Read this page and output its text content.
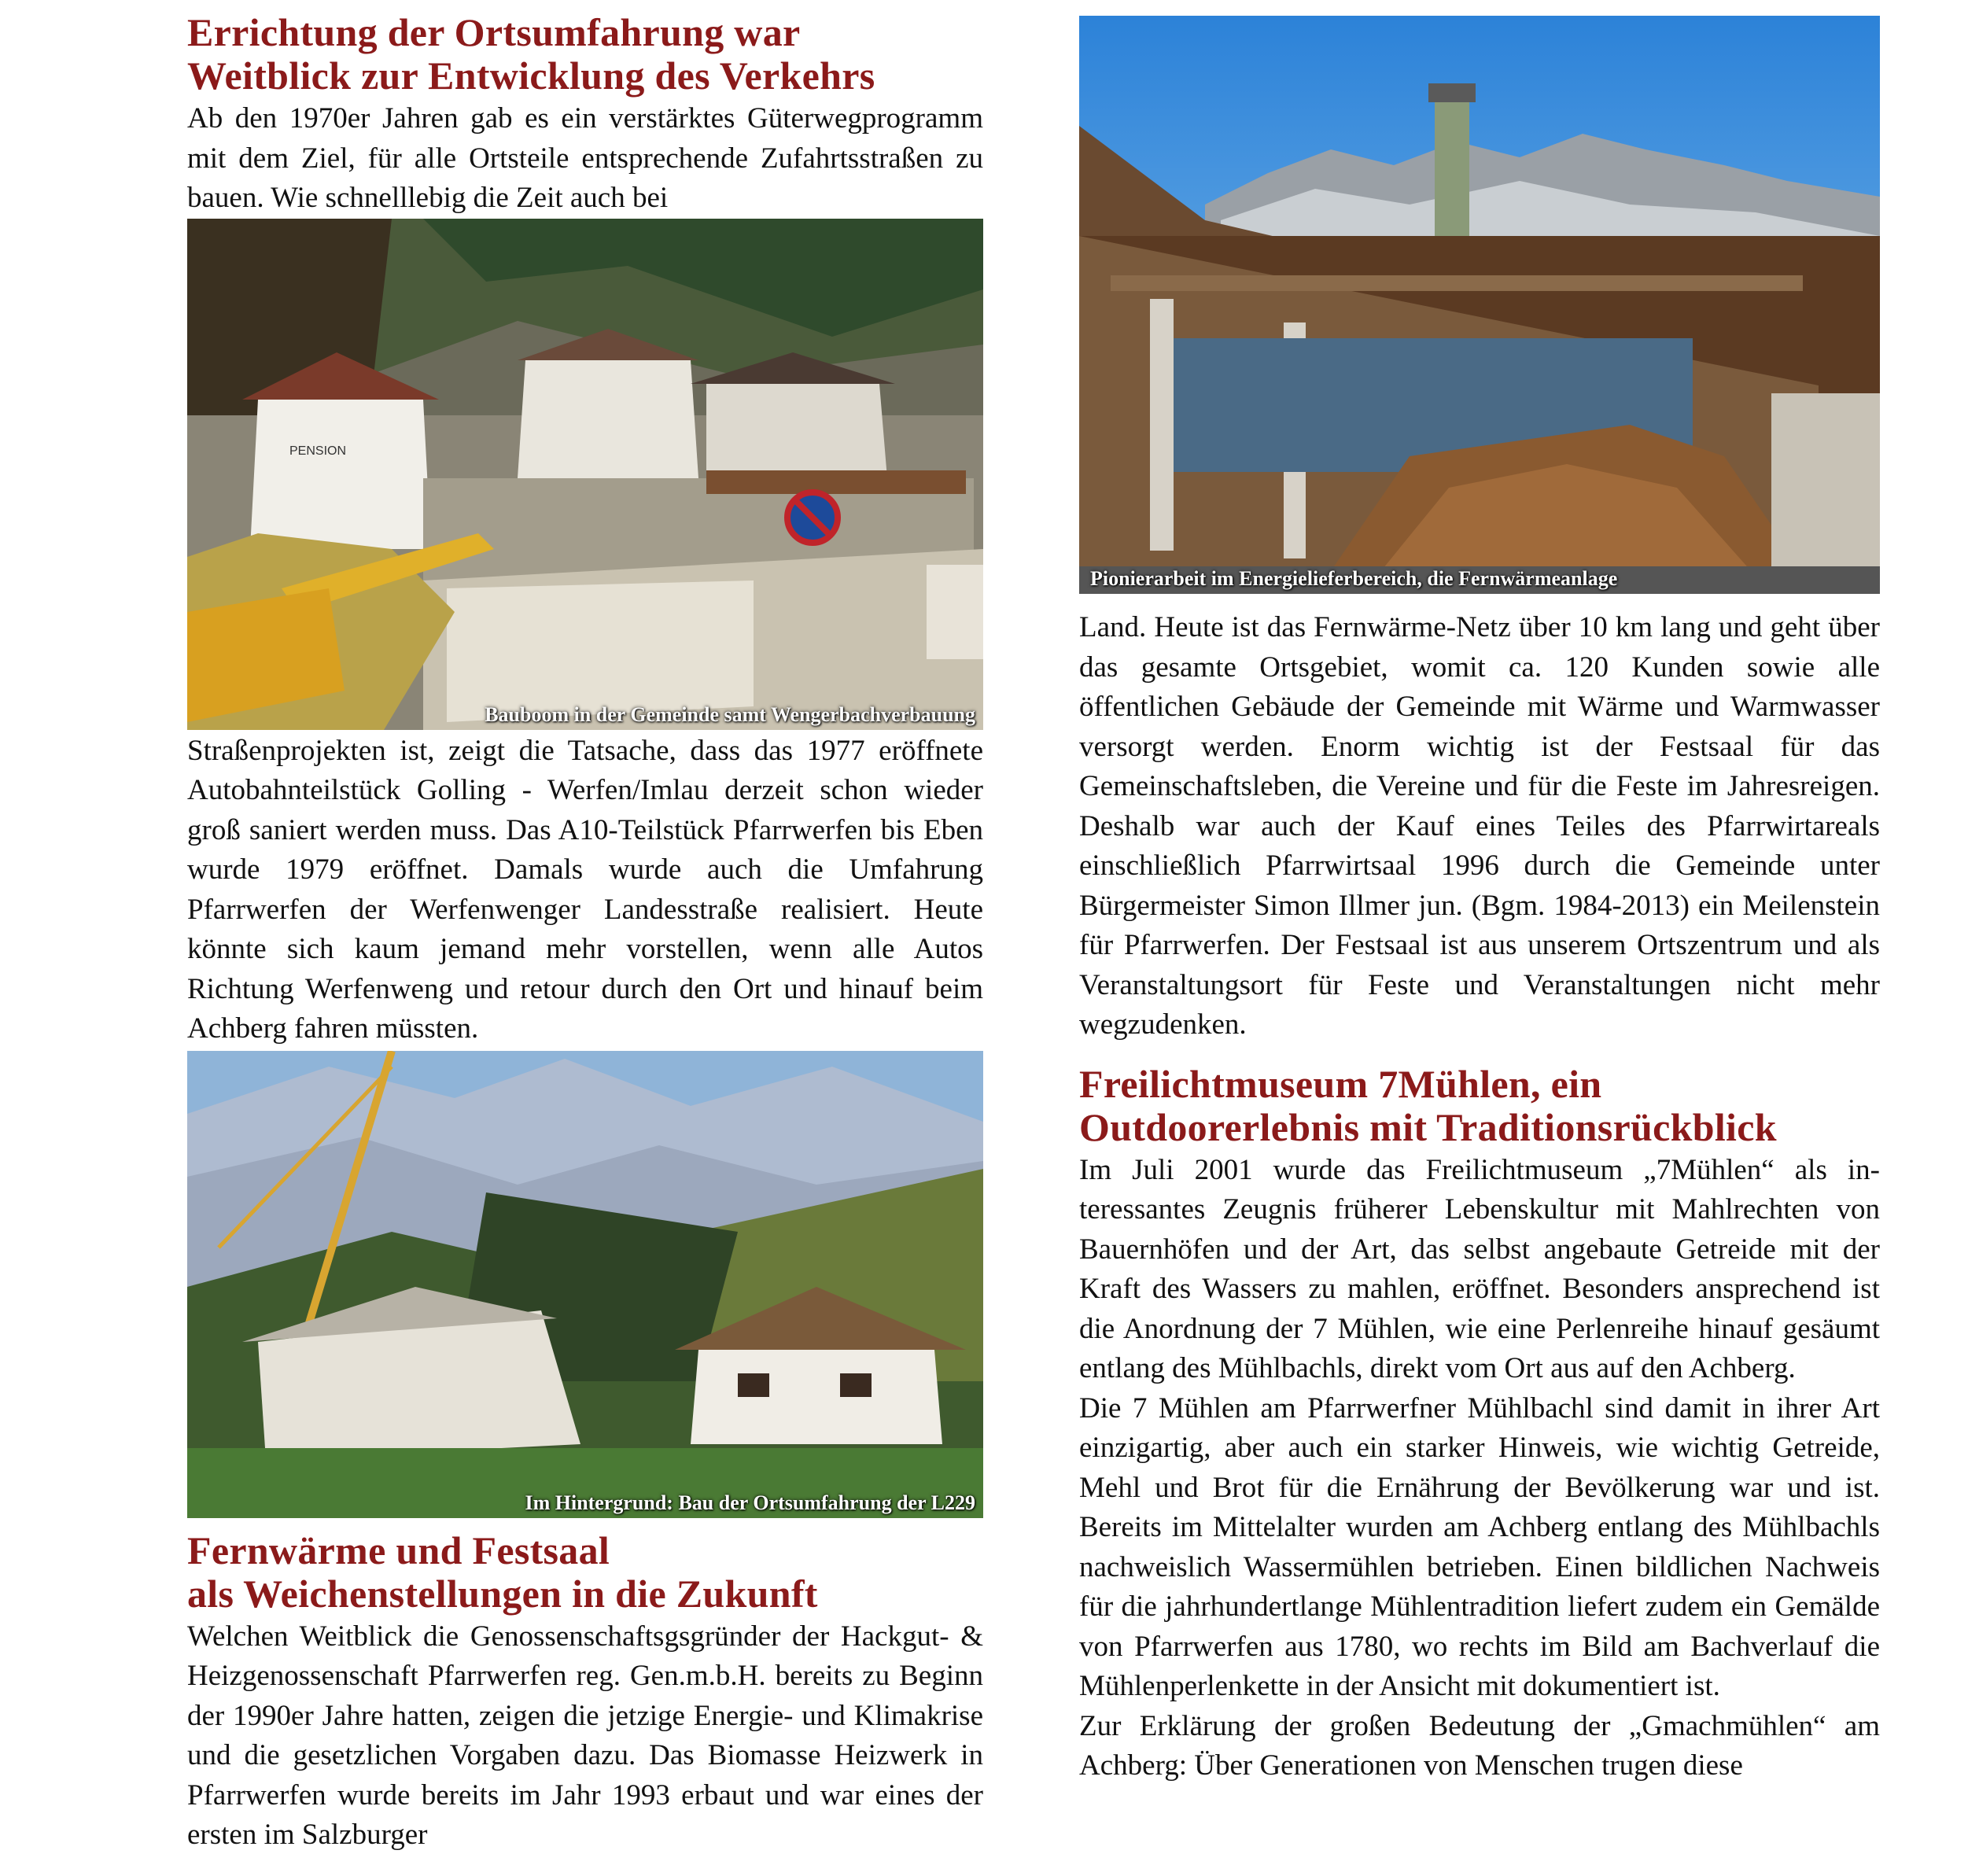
Errichtung der Ortsumfahrung war
Weitblick zur Entwicklung des Verkehrs

Ab den 1970er Jahren gab es ein verstärktes Güterwegprogramm mit dem Ziel, für alle Ortsteile entsprechende Zufahrtsstraßen zu bauen. Wie schnelllebig die Zeit auch bei

PENSION
Bauboom in der Gemeinde samt Wengerbachverbauung

Straßenprojekten ist, zeigt die Tatsache, dass das 1977 eröffnete Autobahnteilstück Golling - Werfen/Imlau derzeit schon wieder groß saniert werden muss. Das A10-Teilstück Pfarrwerfen bis Eben wurde 1979 eröffnet. Damals wurde auch die Umfahrung Pfarrwerfen der Werfenwenger Landesstraße realisiert. Heute könnte sich kaum jemand mehr vorstellen, wenn alle Autos Richtung Werfenweng und retour durch den Ort und hinauf beim Achberg fahren müssten.

Im Hintergrund: Bau der Ortsumfahrung der L229
Fernwärme und Festsaal
als Weichenstellungen in die Zukunft

Welchen Weitblick die Genossenschaftsgsgründer der Hackgut- & Heizgenossenschaft Pfarrwerfen reg. Gen.m.b.H. bereits zu Beginn der 1990er Jahre hatten, zeigen die jetzige Energie- und Klimakrise und die gesetzlichen Vorgaben dazu. Das Biomasse Heizwerk in Pfarrwerfen wurde bereits im Jahr 1993 erbaut und war eines der ersten im Salzburger

Pionierarbeit im Energielieferbereich, die Fernwärmeanlage

Land. Heute ist das Fernwärme-Netz über 10 km lang und geht über das gesamte Ortsgebiet, womit ca. 120 Kunden sowie alle öffentlichen Gebäude der Gemeinde mit Wärme und Warmwasser versorgt werden. Enorm wichtig ist der Festsaal für das Gemeinschaftsleben, die Vereine und für die Feste im Jahresreigen. Deshalb war auch der Kauf eines Teiles des Pfarrwirtareals einschließlich Pfarrwirtsaal 1996 durch die Gemeinde unter Bürgermeister Simon Illmer jun. (Bgm. 1984-2013) ein Meilenstein für Pfarrwerfen. Der Festsaal ist aus unserem Ortszentrum und als Veranstaltungsort für Feste und Veranstaltungen nicht mehr wegzudenken.

Freilichtmuseum 7Mühlen, ein
Outdoorerlebnis mit Traditionsrückblick

Im Juli 2001 wurde das Freilichtmuseum „7Mühlen“ als interessantes Zeugnis früherer Lebenskultur mit Mahlrechten von Bauernhöfen und der Art, das selbst angebaute Getreide mit der Kraft des Wassers zu mahlen, eröffnet. Besonders ansprechend ist die Anordnung der 7 Mühlen, wie eine Perlenreihe hinauf gesäumt entlang des Mühlbachls, direkt vom Ort aus auf den Achberg.

Die 7 Mühlen am Pfarrwerfner Mühlbachl sind damit in ihrer Art einzigartig, aber auch ein starker Hinweis, wie wichtig Getreide, Mehl und Brot für die Ernährung der Bevölkerung war und ist. Bereits im Mittelalter wurden am Achberg entlang des Mühlbachls nachweislich Wassermühlen betrieben. Einen bildlichen Nachweis für die jahrhundertlange Mühlentradition liefert zudem ein Gemälde von Pfarrwerfen aus 1780, wo rechts im Bild am Bachverlauf die Mühlenperlenkette in der Ansicht mit dokumentiert ist.

Zur Erklärung der großen Bedeutung der „Gmachmühlen“ am Achberg: Über Generationen von Menschen trugen diese
